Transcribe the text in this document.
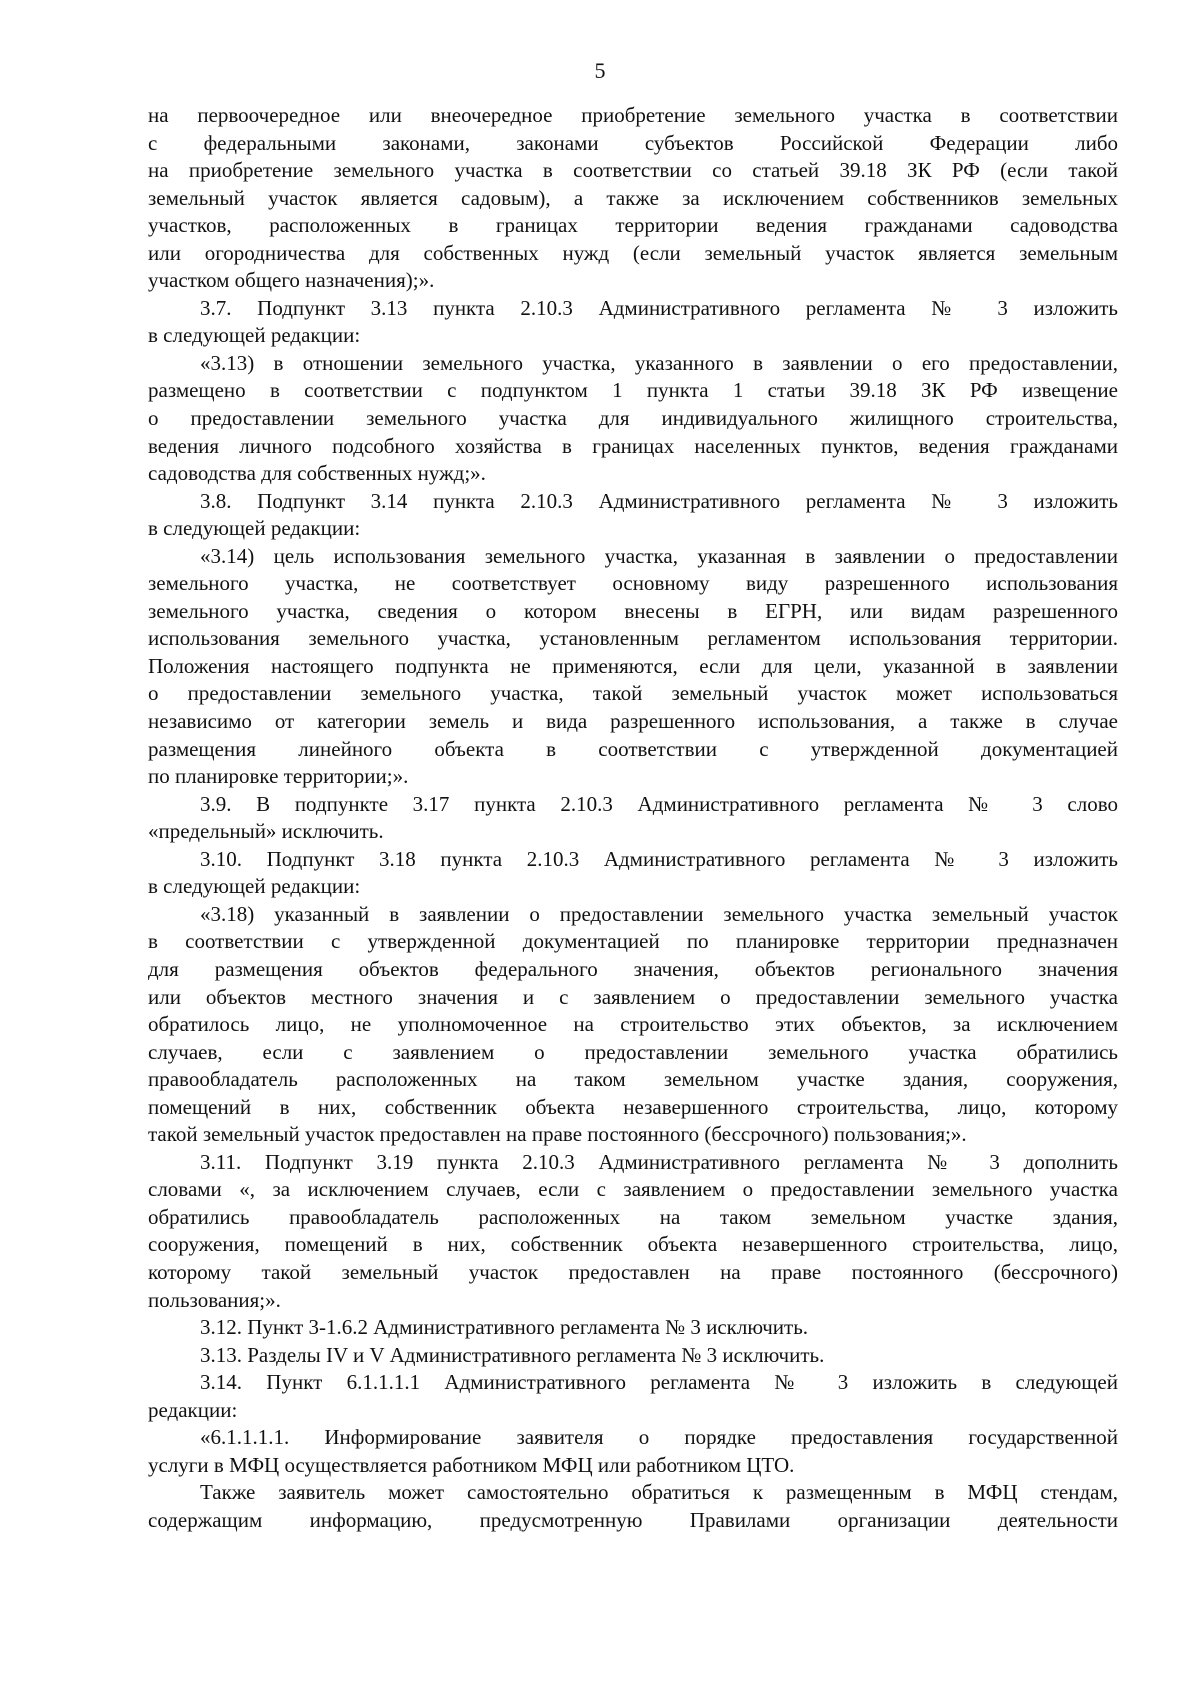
5
на первоочередное или внеочередное приобретение земельного участка в соответствии
с федеральными законами, законами субъектов Российской Федерации либо
на приобретение земельного участка в соответствии со статьей 39.18 ЗК РФ (если такой
земельный участок является садовым), а также за исключением собственников земельных
участков, расположенных в границах территории ведения гражданами садоводства
или огородничества для собственных нужд (если земельный участок является земельным
участком общего назначения);».
3.7. Подпункт 3.13 пункта 2.10.3 Административного регламента № 3 изложить
в следующей редакции:
«3.13) в отношении земельного участка, указанного в заявлении о его предоставлении,
размещено в соответствии с подпунктом 1 пункта 1 статьи 39.18 ЗК РФ извещение
о предоставлении земельного участка для индивидуального жилищного строительства,
ведения личного подсобного хозяйства в границах населенных пунктов, ведения гражданами
садоводства для собственных нужд;».
3.8. Подпункт 3.14 пункта 2.10.3 Административного регламента № 3 изложить
в следующей редакции:
«3.14) цель использования земельного участка, указанная в заявлении о предоставлении
земельного участка, не соответствует основному виду разрешенного использования
земельного участка, сведения о котором внесены в ЕГРН, или видам разрешенного
использования земельного участка, установленным регламентом использования территории.
Положения настоящего подпункта не применяются, если для цели, указанной в заявлении
о предоставлении земельного участка, такой земельный участок может использоваться
независимо от категории земель и вида разрешенного использования, а также в случае
размещения линейного объекта в соответствии с утвержденной документацией
по планировке территории;».
3.9. В подпункте 3.17 пункта 2.10.3 Административного регламента № 3 слово
«предельный» исключить.
3.10. Подпункт 3.18 пункта 2.10.3 Административного регламента № 3 изложить
в следующей редакции:
«3.18) указанный в заявлении о предоставлении земельного участка земельный участок
в соответствии с утвержденной документацией по планировке территории предназначен
для размещения объектов федерального значения, объектов регионального значения
или объектов местного значения и с заявлением о предоставлении земельного участка
обратилось лицо, не уполномоченное на строительство этих объектов, за исключением
случаев, если с заявлением о предоставлении земельного участка обратились
правообладатель расположенных на таком земельном участке здания, сооружения,
помещений в них, собственник объекта незавершенного строительства, лицо, которому
такой земельный участок предоставлен на праве постоянного (бессрочного) пользования;».
3.11. Подпункт 3.19 пункта 2.10.3 Административного регламента № 3 дополнить
словами «, за исключением случаев, если с заявлением о предоставлении земельного участка
обратились правообладатель расположенных на таком земельном участке здания,
сооружения, помещений в них, собственник объекта незавершенного строительства, лицо,
которому такой земельный участок предоставлен на праве постоянного (бессрочного)
пользования;».
3.12. Пункт 3-1.6.2 Административного регламента № 3 исключить.
3.13. Разделы IV и V Административного регламента № 3 исключить.
3.14. Пункт 6.1.1.1.1 Административного регламента № 3 изложить в следующей
редакции:
«6.1.1.1.1. Информирование заявителя о порядке предоставления государственной
услуги в МФЦ осуществляется работником МФЦ или работником ЦТО.
Также заявитель может самостоятельно обратиться к размещенным в МФЦ стендам,
содержащим информацию, предусмотренную Правилами организации деятельности
